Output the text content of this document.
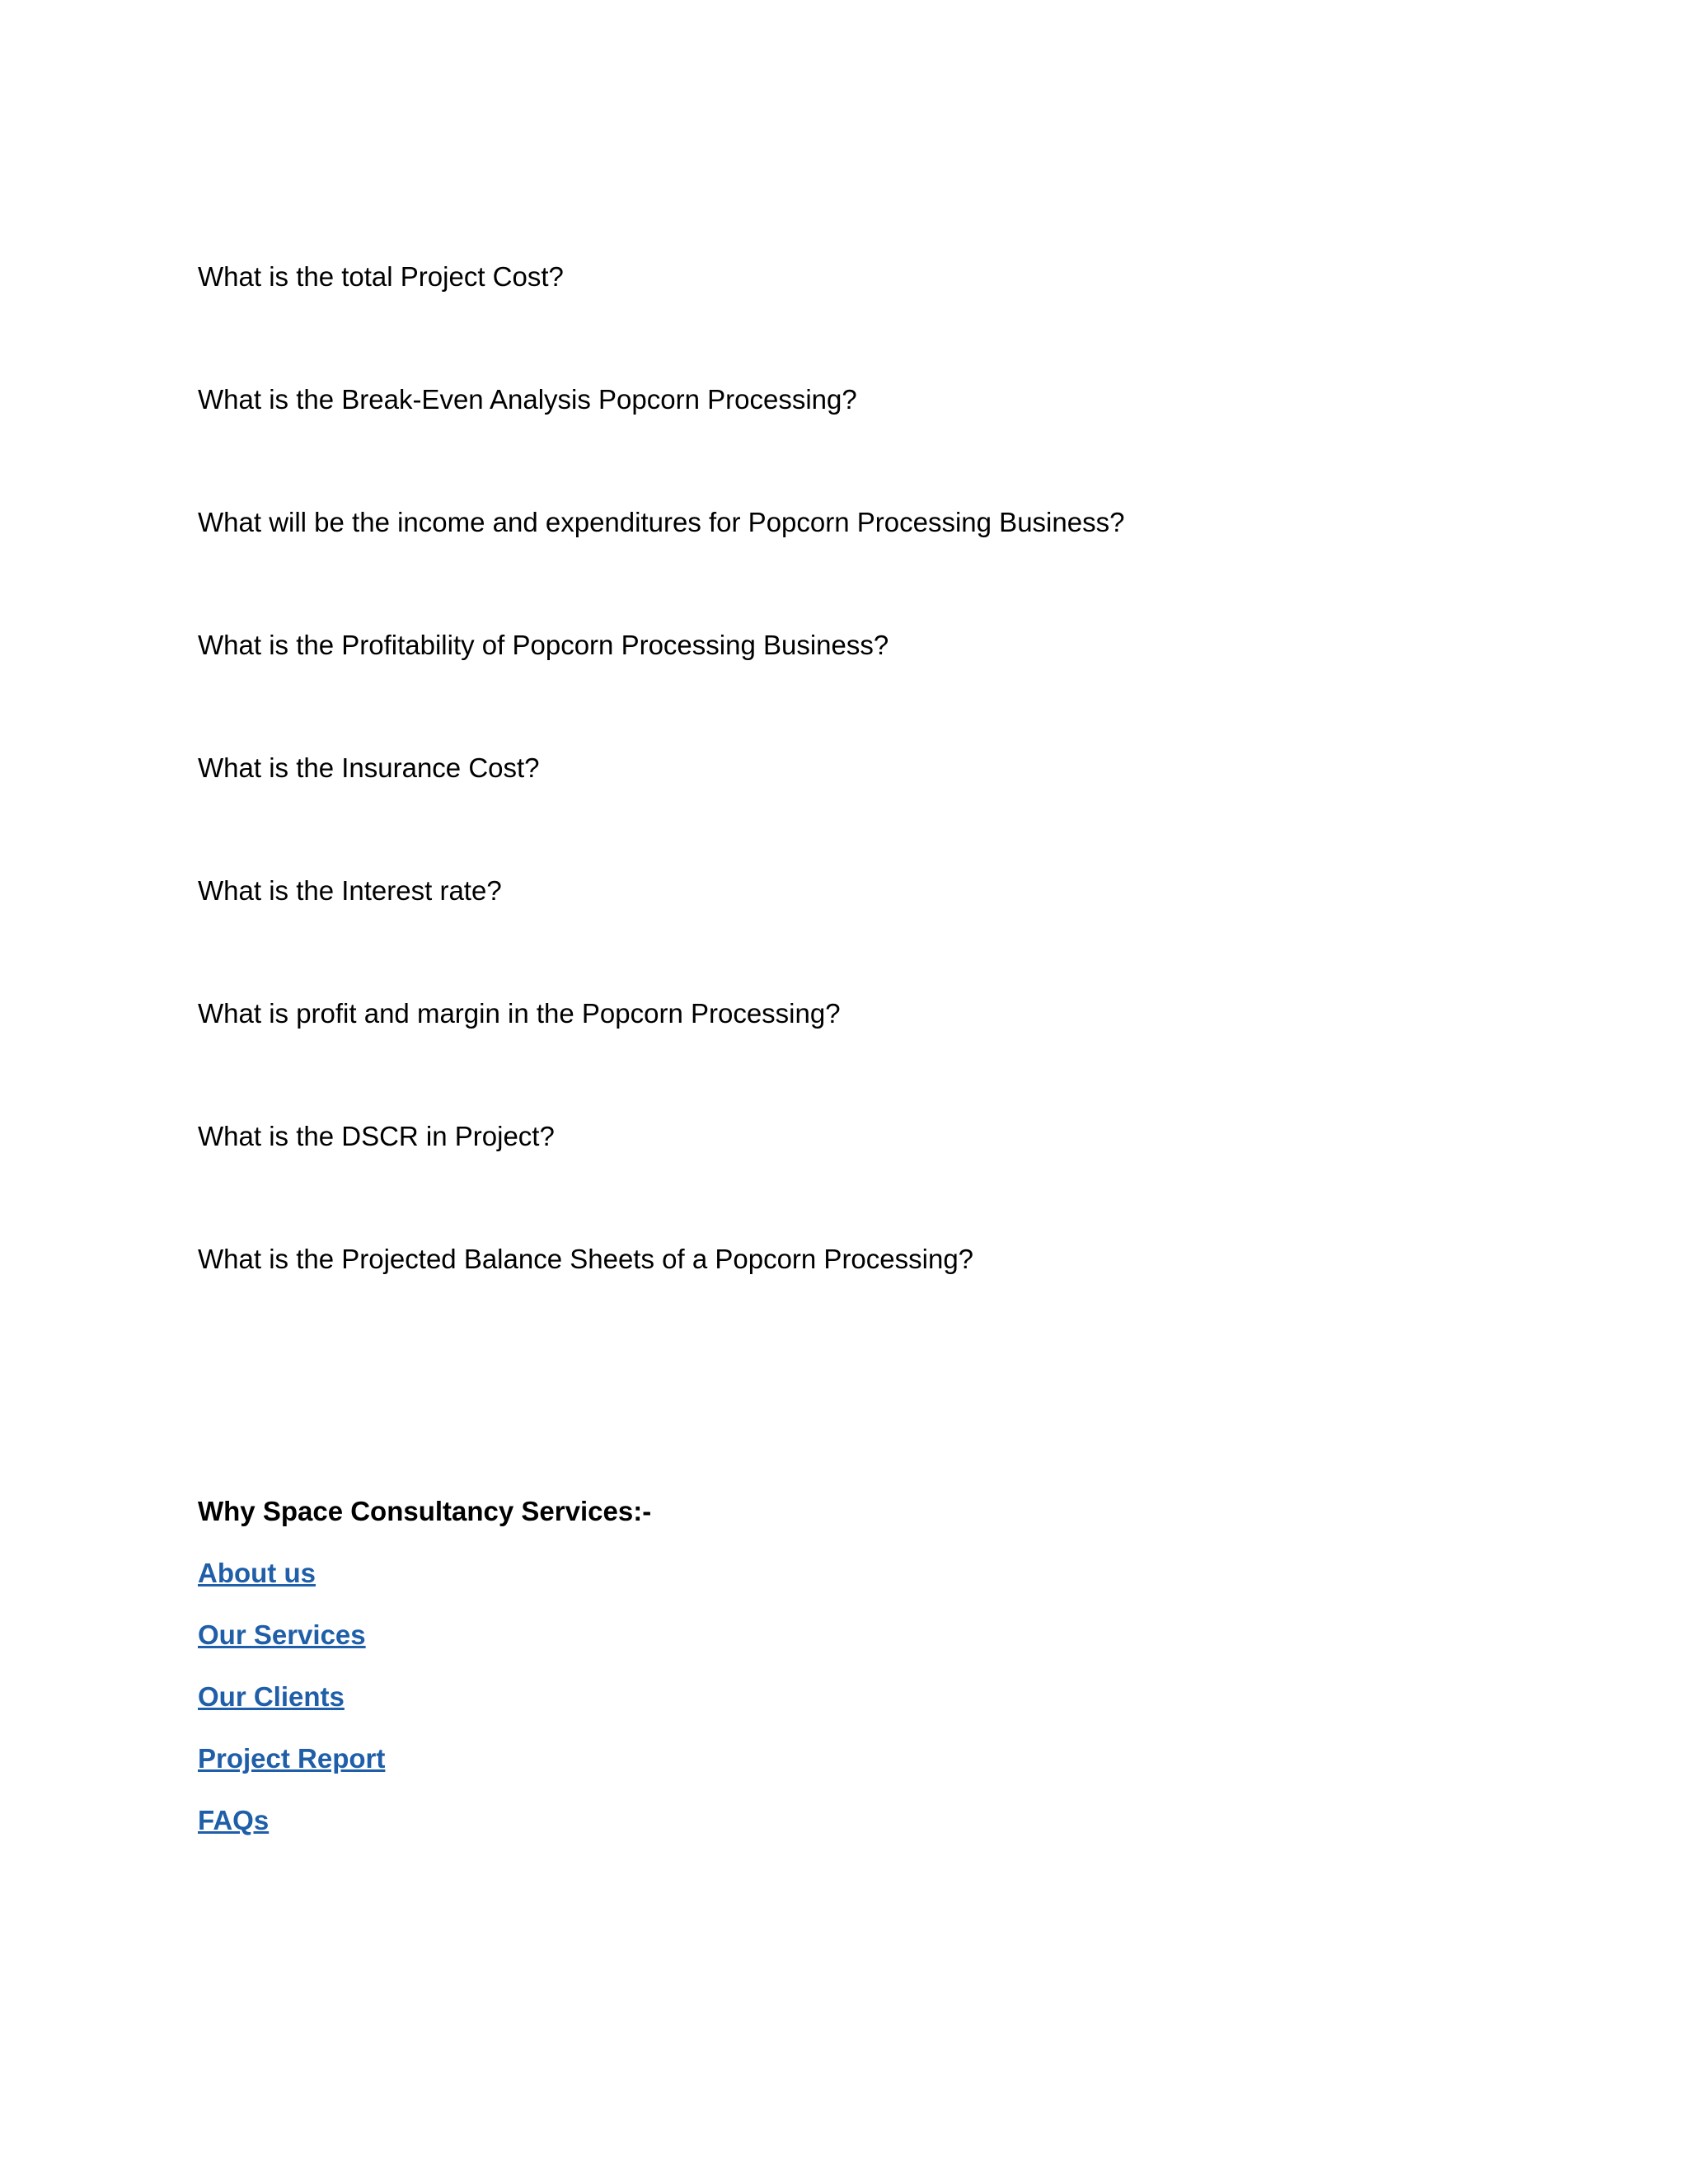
What is the total Project Cost?

What is the Break-Even Analysis Popcorn Processing?

What will be the income and expenditures for Popcorn Processing Business?

What is the Profitability of Popcorn Processing Business?

What is the Insurance Cost?

What is the Interest rate?

What is profit and margin in the Popcorn Processing?

What is the DSCR in Project?

What is the Projected Balance Sheets of a Popcorn Processing?

Why Space Consultancy Services:-

About us
Our Services
Our Clients
Project Report
FAQs
